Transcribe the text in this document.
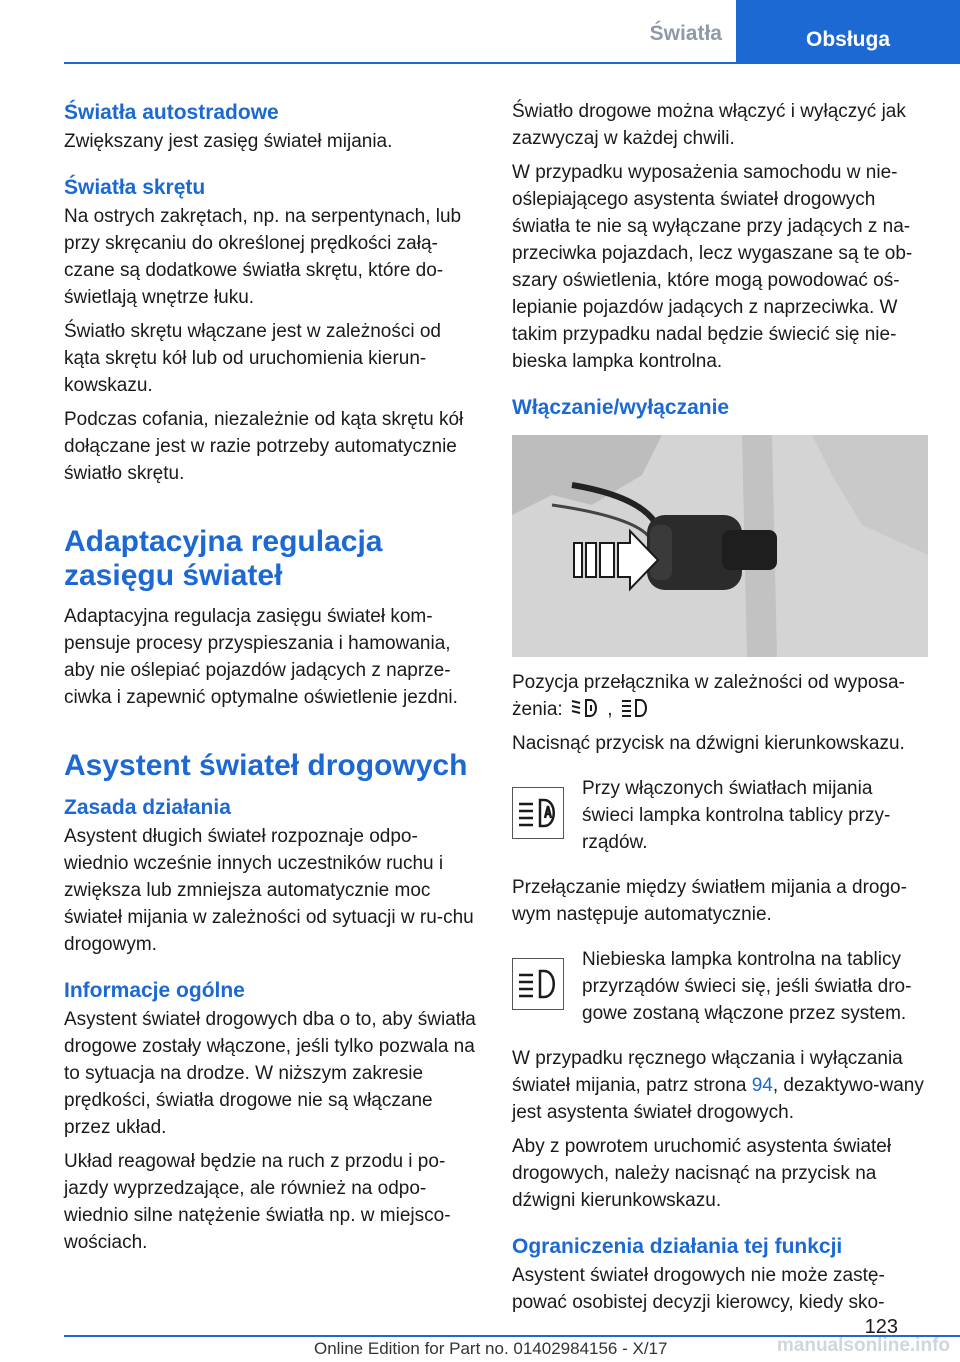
Światła	Obsługa
Światła autostradowe

Zwiększany jest zasięg świateł mijania.

Światła skrętu

Na ostrych zakrętach, np. na serpentynach, lub przy skręcaniu do określonej prędkości załą-czane są dodatkowe światła skrętu, które do-świetlają wnętrze łuku.

Światło skrętu włączane jest w zależności od kąta skrętu kół lub od uruchomienia kierun-kowskazu.

Podczas cofania, niezależnie od kąta skrętu kół dołączane jest w razie potrzeby automatycznie światło skrętu.

Adaptacyjna regulacja zasięgu świateł

Adaptacyjna regulacja zasięgu świateł kom-pensuje procesy przyspieszania i hamowania, aby nie oślepiać pojazdów jadących z naprze-ciwka i zapewnić optymalne oświetlenie jezdni.

Asystent świateł drogowych
Zasada działania

Asystent długich świateł rozpoznaje odpo-wiednio wcześnie innych uczestników ruchu i zwiększa lub zmniejsza automatycznie moc świateł mijania w zależności od sytuacji w ru-chu drogowym.

Informacje ogólne

Asystent świateł drogowych dba o to, aby światła drogowe zostały włączone, jeśli tylko pozwala na to sytuacja na drodze. W niższym zakresie prędkości, światła drogowe nie są włączane przez układ.

Układ reagował będzie na ruch z przodu i po-jazdy wyprzedzające, ale również na odpo-wiednio silne natężenie światła np. w miejsco-wościach.

Światło drogowe można włączyć i wyłączyć jak zazwyczaj w każdej chwili.

W przypadku wyposażenia samochodu w nie-oślepiającego asystenta świateł drogowych światła te nie są wyłączane przy jadących z na-przeciwka pojazdach, lecz wygaszane są te ob-szary oświetlenia, które mogą powodować oś-lepianie pojazdów jadących z naprzeciwka. W takim przypadku nadal będzie świecić się nie-bieska lampka kontrolna.

Włączanie/wyłączanie

Pozycja przełącznika w zależności od wyposa-żenia: ,

Nacisnąć przycisk na dźwigni kierunkowskazu.

Przy włączonych światłach mijania świeci lampka kontrolna tablicy przy-rządów.

Przełączanie między światłem mijania a drogo-wym następuje automatycznie.

Niebieska lampka kontrolna na tablicy przyrządów świeci się, jeśli światła dro-gowe zostaną włączone przez system.

W przypadku ręcznego włączania i wyłączania świateł mijania, patrz strona 94, dezaktywo-wany jest asystenta świateł drogowych.

Aby z powrotem uruchomić asystenta świateł drogowych, należy nacisnąć na przycisk na dźwigni kierunkowskazu.

Ograniczenia działania tej funkcji

Asystent świateł drogowych nie może zastę-pować osobistej decyzji kierowcy, kiedy sko-

123
Online Edition for Part no. 01402984156 - X/17	manualsonline.info
